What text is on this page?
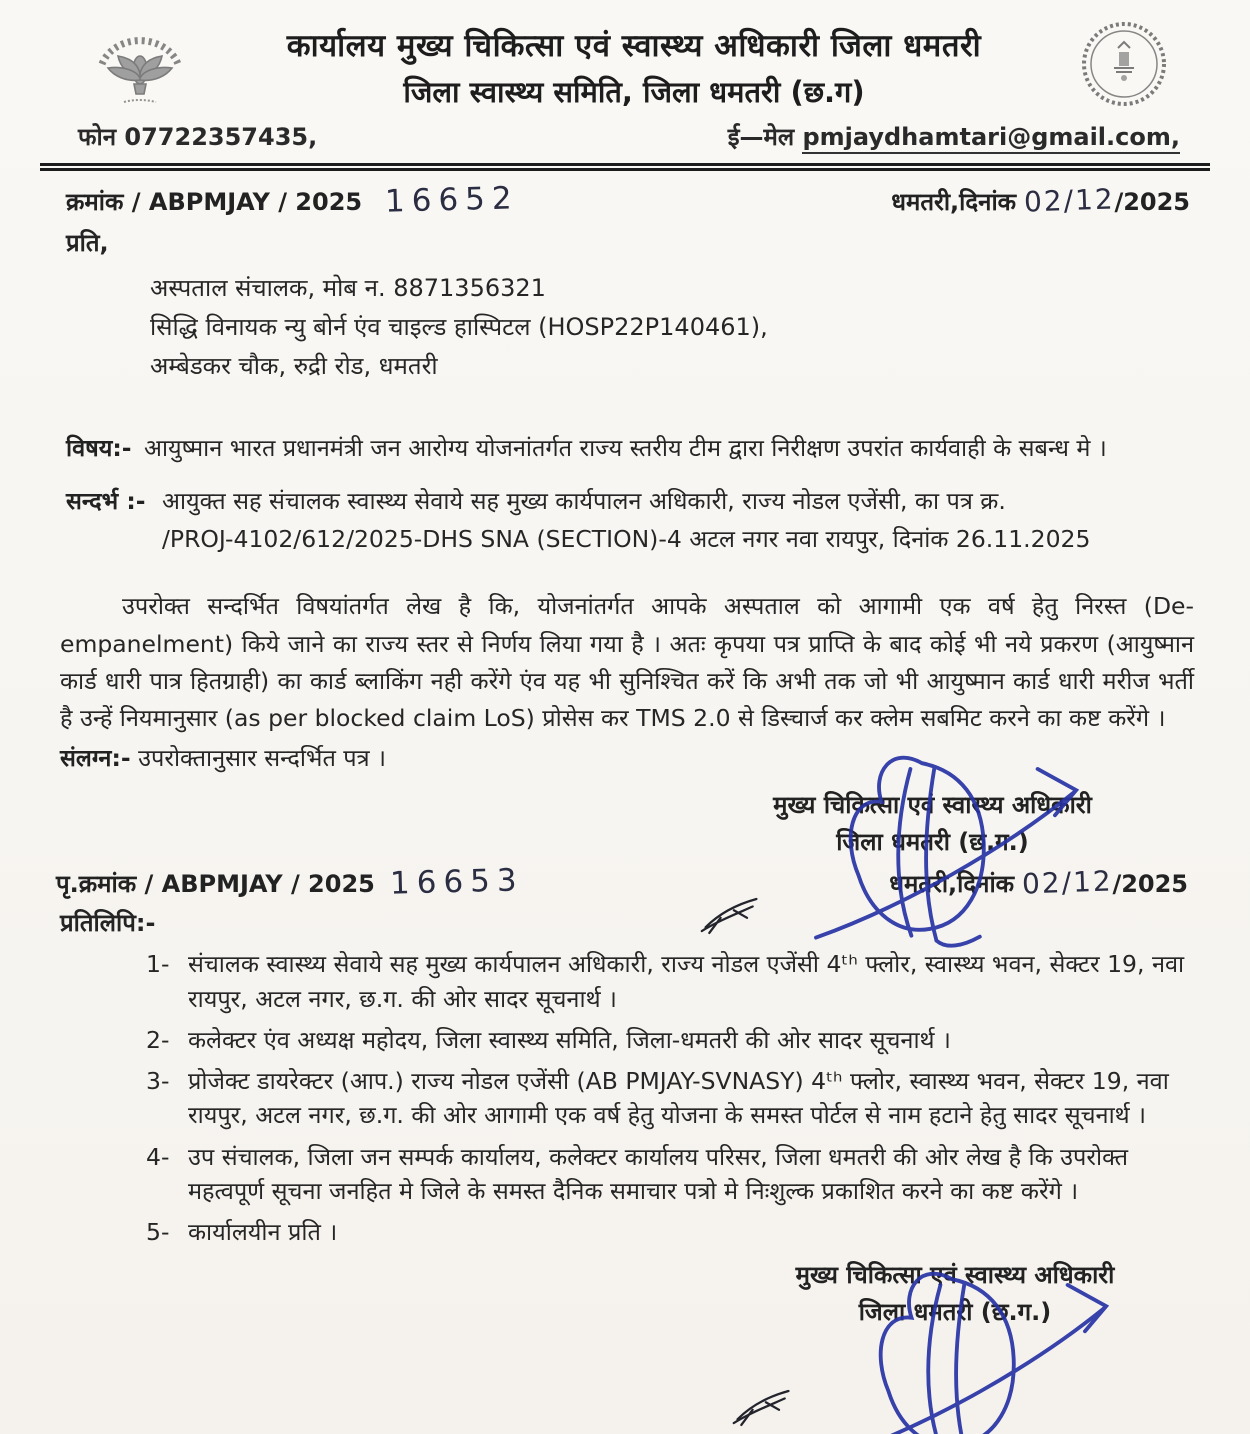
कार्यालय मुख्य चिकित्सा एवं स्वास्थ्य अधिकारी जिला धमतरी
जिला स्वास्थ्य समिति, जिला धमतरी (छ.ग)
फोन 07722357435,	ई—मेल pmjaydhamtari@gmail.com,
क्रमांक / ABPMJAY / 2025 16652	धमतरी,दिनांक 02/12/2025
प्रति,
अस्पताल संचालक, मोब न. 8871356321
सिद्धि विनायक न्यु बोर्न एंव चाइल्ड हास्पिटल (HOSP22P140461),
अम्बेडकर चौक, रुद्री रोड, धमतरी
विषय:- आयुष्मान भारत प्रधानमंत्री जन आरोग्य योजनांतर्गत राज्य स्तरीय टीम द्वारा निरीक्षण उपरांत कार्यवाही के सबन्ध मे ।
सन्दर्भ :- आयुक्त सह संचालक स्वास्थ्य सेवाये सह मुख्य कार्यपालन अधिकारी, राज्य नोडल एजेंसी, का पत्र क्र.
/PROJ-4102/612/2025-DHS SNA (SECTION)-4 अटल नगर नवा रायपुर, दिनांक 26.11.2025
उपरोक्त सन्दर्भित विषयांतर्गत लेख है कि, योजनांतर्गत आपके अस्पताल को आगामी एक वर्ष हेतु निरस्त (De-empanelment) किये जाने का राज्य स्तर से निर्णय लिया गया है । अतः कृपया पत्र प्राप्ति के बाद कोई भी नये प्रकरण (आयुष्मान कार्ड धारी पात्र हितग्राही) का कार्ड ब्लाकिंग नही करेंगे एंव यह भी सुनिश्चित करें कि अभी तक जो भी आयुष्मान कार्ड धारी मरीज भर्ती है उन्हें नियमानुसार (as per blocked claim LoS) प्रोसेस कर TMS 2.0 से डिस्चार्ज कर क्लेम सबमिट करने का कष्ट करेंगे ।
संलग्न:- उपरोक्तानुसार सन्दर्भित पत्र ।
मुख्य चिकित्सा एवं स्वास्थ्य अधिकारी
जिला धमतरी (छ.ग.)
पृ.क्रमांक / ABPMJAY / 2025 16653	धमतरी,दिनांक 02/12/2025
प्रतिलिपि:-
1- संचालक स्वास्थ्य सेवाये सह मुख्य कार्यपालन अधिकारी, राज्य नोडल एजेंसी 4ᵗʰ फ्लोर, स्वास्थ्य भवन, सेक्टर 19, नवा रायपुर, अटल नगर, छ.ग. की ओर सादर सूचनार्थ ।
2- कलेक्टर एंव अध्यक्ष महोदय, जिला स्वास्थ्य समिति, जिला-धमतरी की ओर सादर सूचनार्थ ।
3- प्रोजेक्ट डायरेक्टर (आप.) राज्य नोडल एजेंसी (AB PMJAY-SVNASY) 4ᵗʰ फ्लोर, स्वास्थ्य भवन, सेक्टर 19, नवा रायपुर, अटल नगर, छ.ग. की ओर आगामी एक वर्ष हेतु योजना के समस्त पोर्टल से नाम हटाने हेतु सादर सूचनार्थ ।
4- उप संचालक, जिला जन सम्पर्क कार्यालय, कलेक्टर कार्यालय परिसर, जिला धमतरी की ओर लेख है कि उपरोक्त महत्वपूर्ण सूचना जनहित मे जिले के समस्त दैनिक समाचार पत्रो मे निःशुल्क प्रकाशित करने का कष्ट करेंगे ।
5- कार्यालयीन प्रति ।
मुख्य चिकित्सा एवं स्वास्थ्य अधिकारी
जिला धमतरी (छ.ग.)
